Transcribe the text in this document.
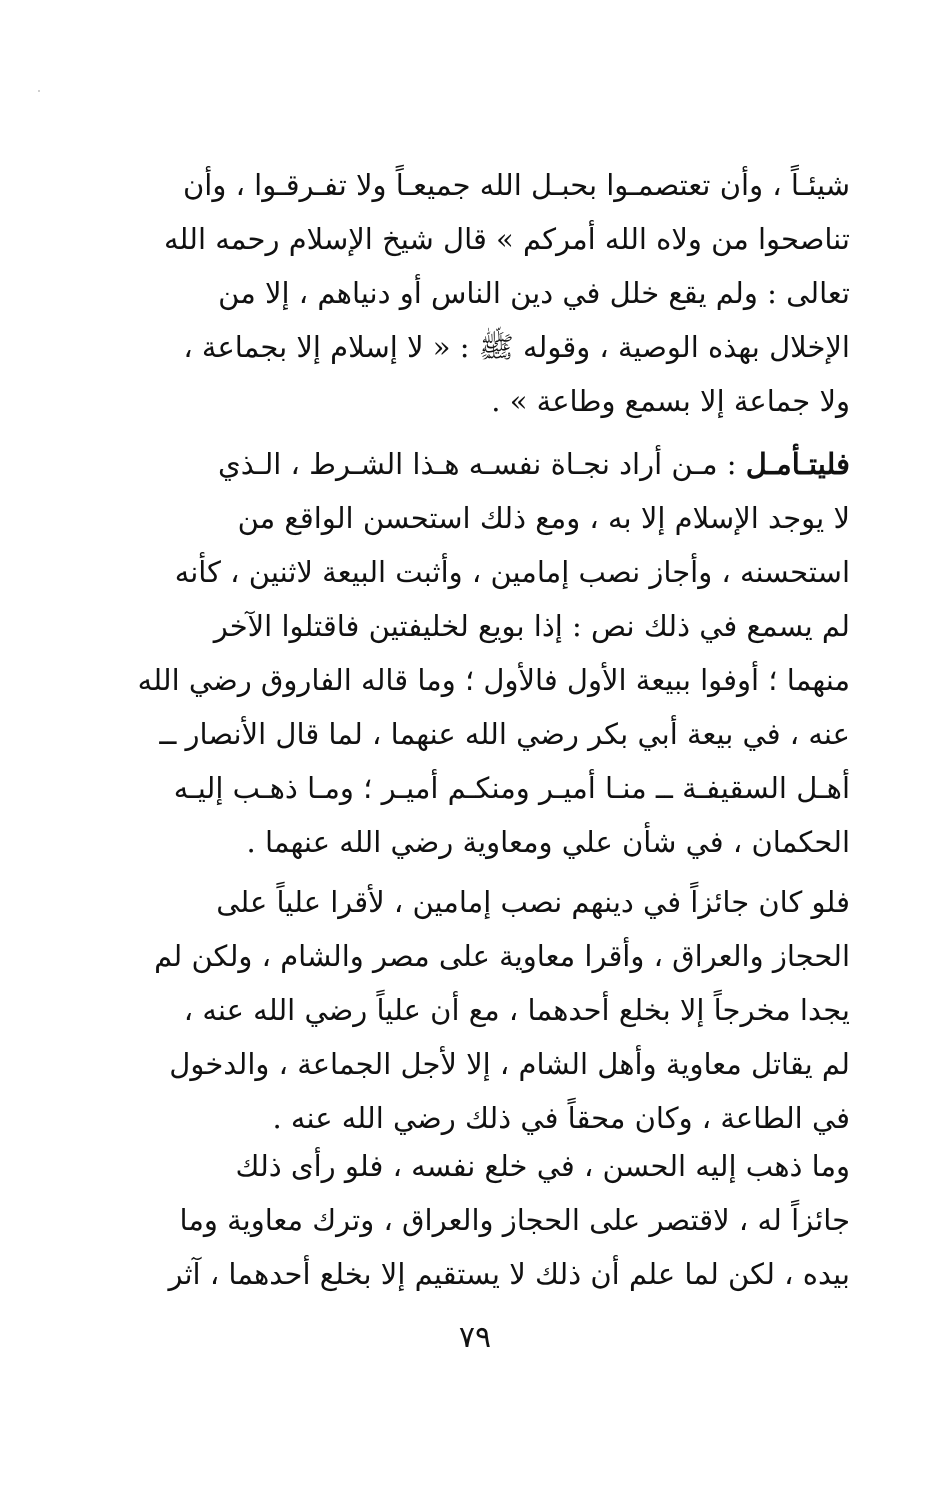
شيئـاً ، وأن تعتصمـوا بحبـل الله جميعـاً ولا تفـرقـوا ، وأن
تناصحوا من ولاه الله أمركم » قال شيخ الإسلام رحمه الله
تعالى : ولم يقع خلل في دين الناس أو دنياهم ، إلا من
الإخلال بهذه الوصية ، وقوله ﷺ : « لا إسلام إلا بجماعة ،
ولا جماعة إلا بسمع وطاعة » .
فليتـأمـل : مـن أراد نجـاة نفسـه هـذا الشـرط ، الـذي
لا يوجد الإسلام إلا به ، ومع ذلك استحسن الواقع من
استحسنه ، وأجاز نصب إمامين ، وأثبت البيعة لاثنين ، كأنه
لم يسمع في ذلك نص : إذا بويع لخليفتين فاقتلوا الآخر
منهما ؛ أوفوا ببيعة الأول فالأول ؛ وما قاله الفاروق رضي الله
عنه ، في بيعة أبي بكر رضي الله عنهما ، لما قال الأنصار ــ
أهـل السقيفـة ــ منـا أميـر ومنكـم أميـر ؛ ومـا ذهـب إليـه
الحكمان ، في شأن علي ومعاوية رضي الله عنهما .
فلو كان جائزاً في دينهم نصب إمامين ، لأقرا علياً على
الحجاز والعراق ، وأقرا معاوية على مصر والشام ، ولكن لم
يجدا مخرجاً إلا بخلع أحدهما ، مع أن علياً رضي الله عنه ،
لم يقاتل معاوية وأهل الشام ، إلا لأجل الجماعة ، والدخول
في الطاعة ، وكان محقاً في ذلك رضي الله عنه .
وما ذهب إليه الحسن ، في خلع نفسه ، فلو رأى ذلك
جائزاً له ، لاقتصر على الحجاز والعراق ، وترك معاوية وما
بيده ، لكن لما علم أن ذلك لا يستقيم إلا بخلع أحدهما ، آثر
٧٩
